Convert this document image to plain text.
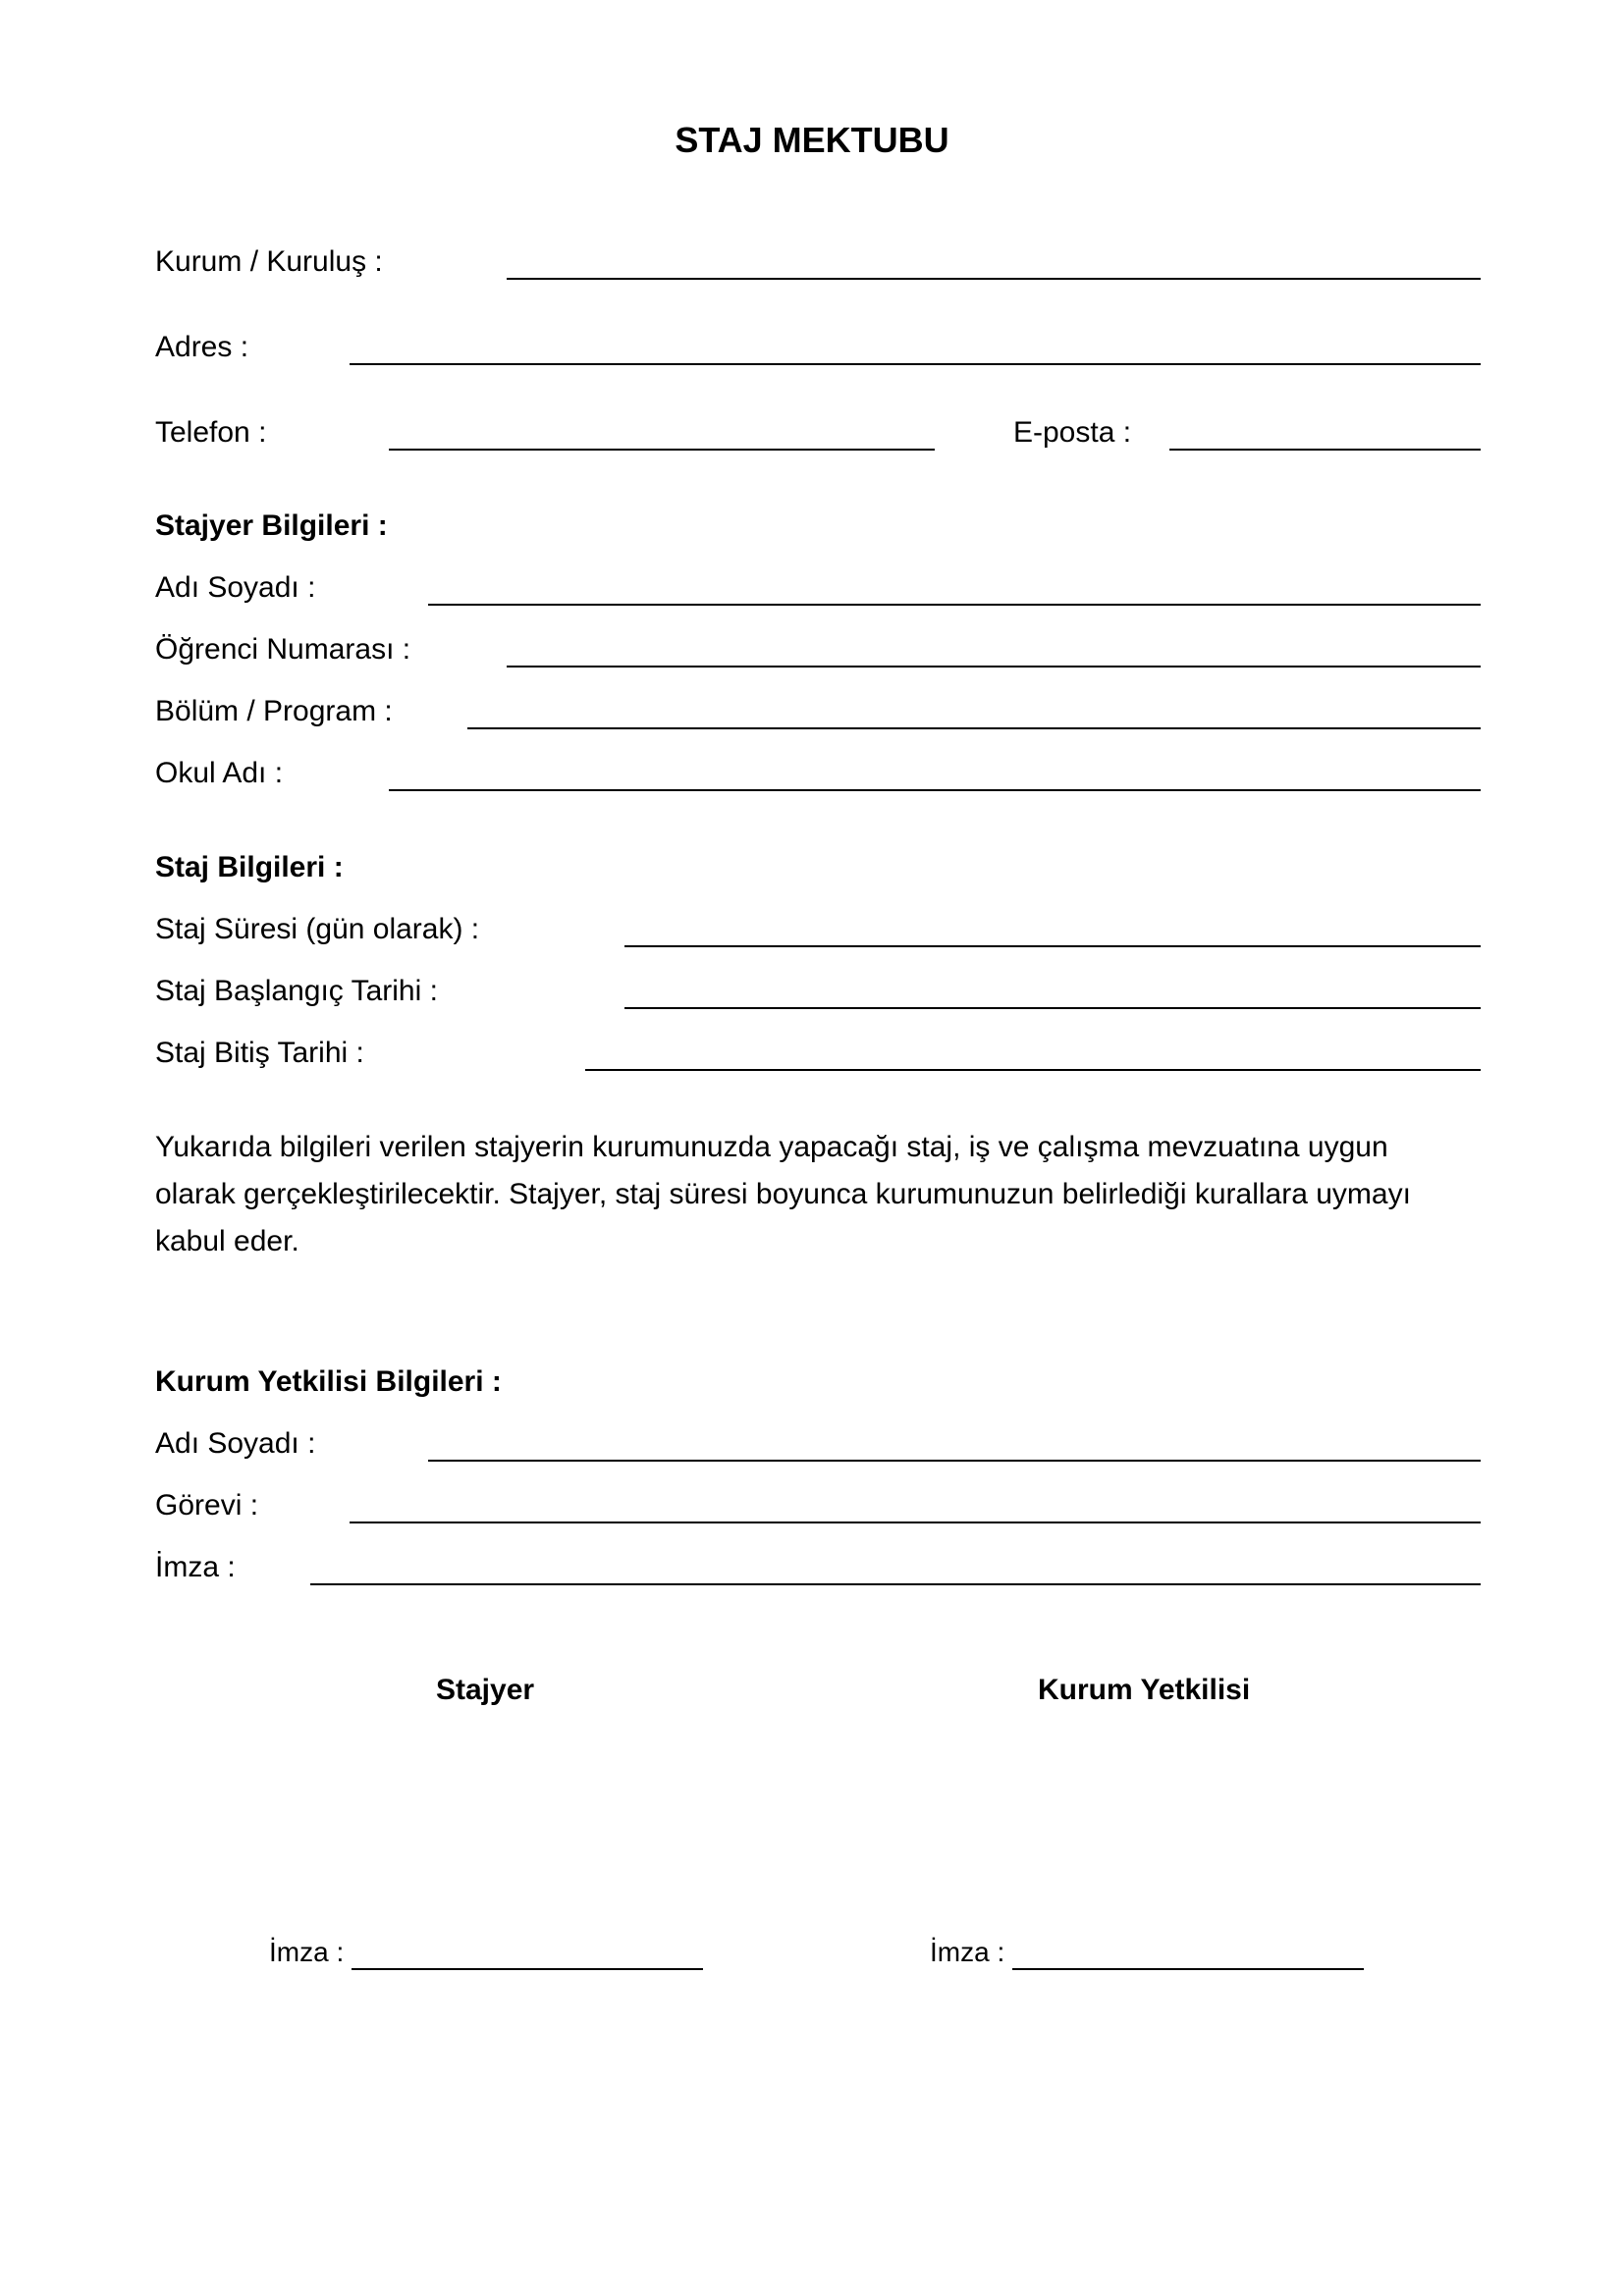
STAJ MEKTUBU
Kurum / Kuruluş :
Adres :
Telefon :	E-posta :
Stajyer Bilgileri :
Adı Soyadı :
Öğrenci Numarası :
Bölüm / Program :
Okul Adı :
Staj Bilgileri :
Staj Süresi (gün olarak) :
Staj Başlangıç Tarihi :
Staj Bitiş Tarihi :
Yukarıda bilgileri verilen stajyerin kurumunuzda yapacağı staj, iş ve çalışma mevzuatına uygun olarak gerçekleştirilecektir. Stajyer, staj süresi boyunca kurumunuzun belirlediği kurallara uymayı kabul eder.
Kurum Yetkilisi Bilgileri :
Adı Soyadı :
Görevi :
İmza :
Stajyer	Kurum Yetkilisi
İmza :	İmza :
